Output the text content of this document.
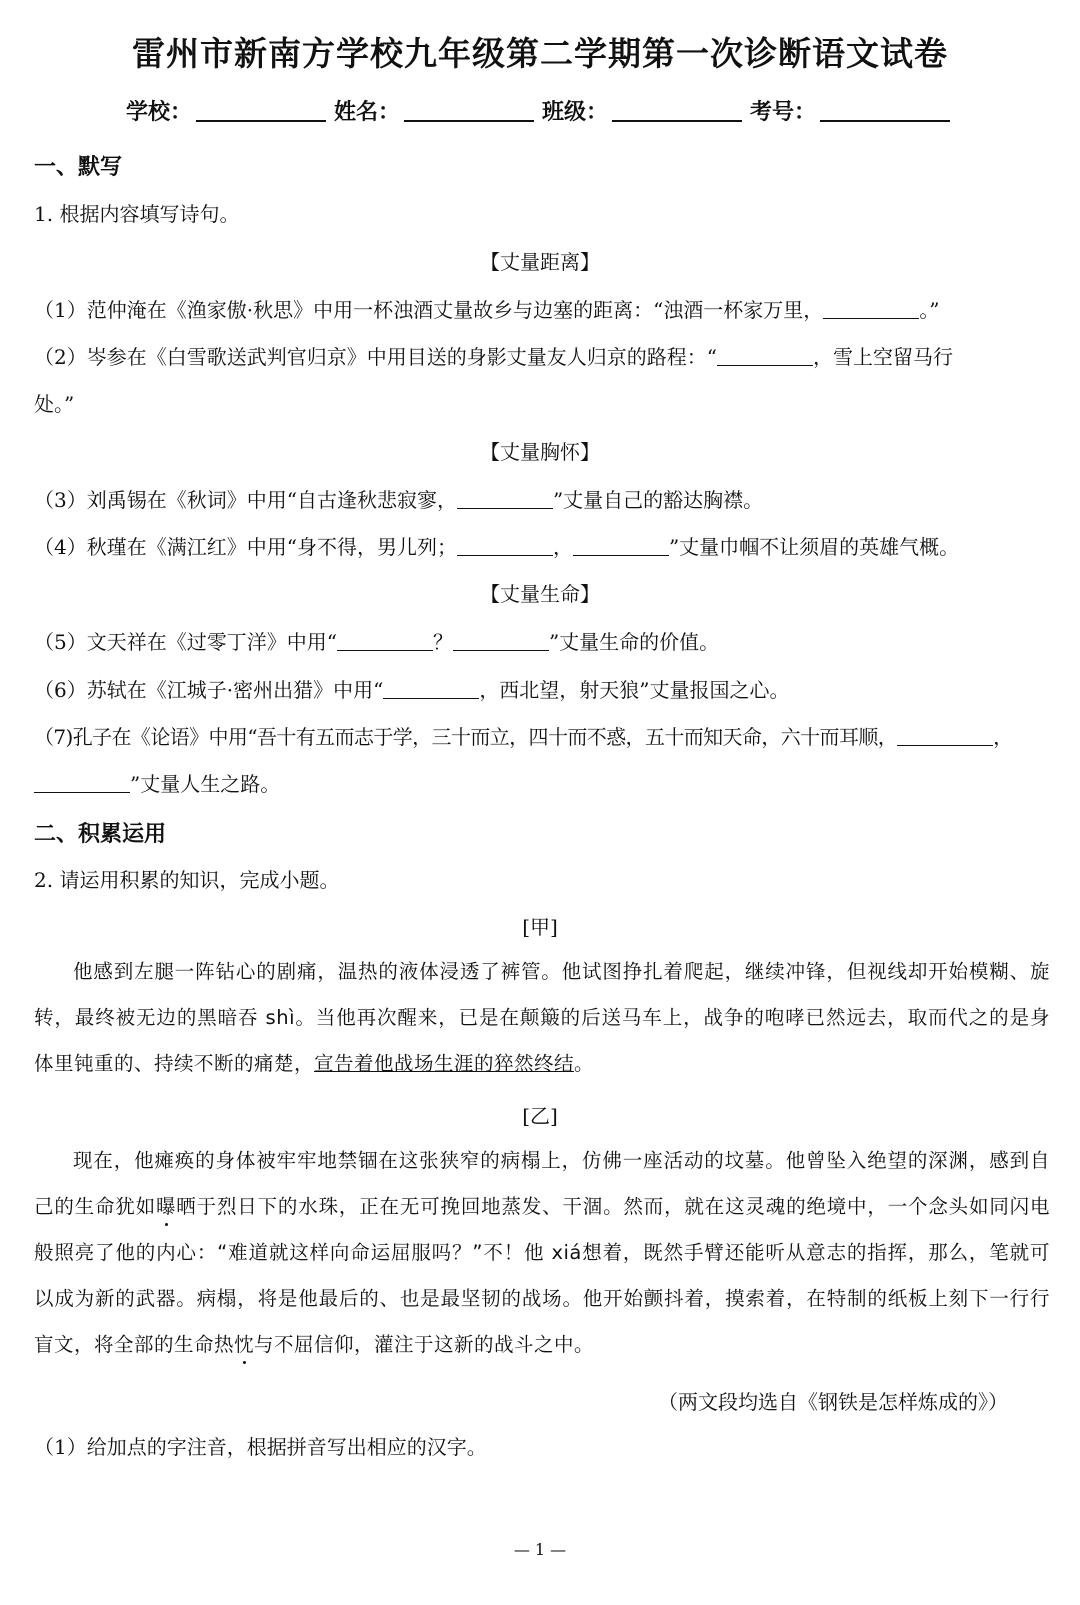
雷州市新南方学校九年级第二学期第一次诊断语文试卷
学校：	姓名：	班级：	考号：
一、默写
1. 根据内容填写诗句。
【丈量距离】
（1）范仲淹在《渔家傲·秋思》中用一杯浊酒丈量故乡与边塞的距离：“浊酒一杯家万里，	。”
（2）岑参在《白雪歌送武判官归京》中用目送的身影丈量友人归京的路程：“	，雪上空留马行
处。”
【丈量胸怀】
（3）刘禹锡在《秋词》中用“自古逢秋悲寂寥，	”丈量自己的豁达胸襟。
（4）秋瑾在《满江红》中用“身不得，男儿列；	，	”丈量巾帼不让须眉的英雄气概。
【丈量生命】
（5）文天祥在《过零丁洋》中用“	？	”丈量生命的价值。
（6）苏轼在《江城子·密州出猎》中用“	，西北望，射天狼”丈量报国之心。
（7)孔子在《论语》中用“吾十有五而志于学，三十而立，四十而不惑，五十而知天命，六十而耳顺，	，
”丈量人生之路。
二、积累运用
2. 请运用积累的知识，完成小题。
[甲]
他感到左腿一阵钻心的剧痛，温热的液体浸透了裤管。他试图挣扎着爬起，继续冲锋，但视线却开始模糊、旋转，最终被无边的黑暗吞 shì。当他再次醒来，已是在颠簸的后送马车上，战争的咆哮已然远去，取而代之的是身体里钝重的、持续不断的痛楚，宣告着他战场生涯的猝然终结。
[乙]
现在，他瘫痪的身体被牢牢地禁锢在这张狭窄的病榻上，仿佛一座活动的坟墓。他曾坠入绝望的深渊，感到自己的生命犹如曝晒于烈日下的水珠，正在无可挽回地蒸发、干涸。然而，就在这灵魂的绝境中，一个念头如同闪电般照亮了他的内心：“难道就这样向命运屈服吗？”不！他 xiá想着，既然手臂还能听从意志的指挥，那么，笔就可以成为新的武器。病榻，将是他最后的、也是最坚韧的战场。他开始颤抖着，摸索着，在特制的纸板上刻下一行行盲文，将全部的生命热忱与不屈信仰，灌注于这新的战斗之中。
（两文段均选自《钢铁是怎样炼成的》）
（1）给加点的字注音，根据拼音写出相应的汉字。
— 1 —
